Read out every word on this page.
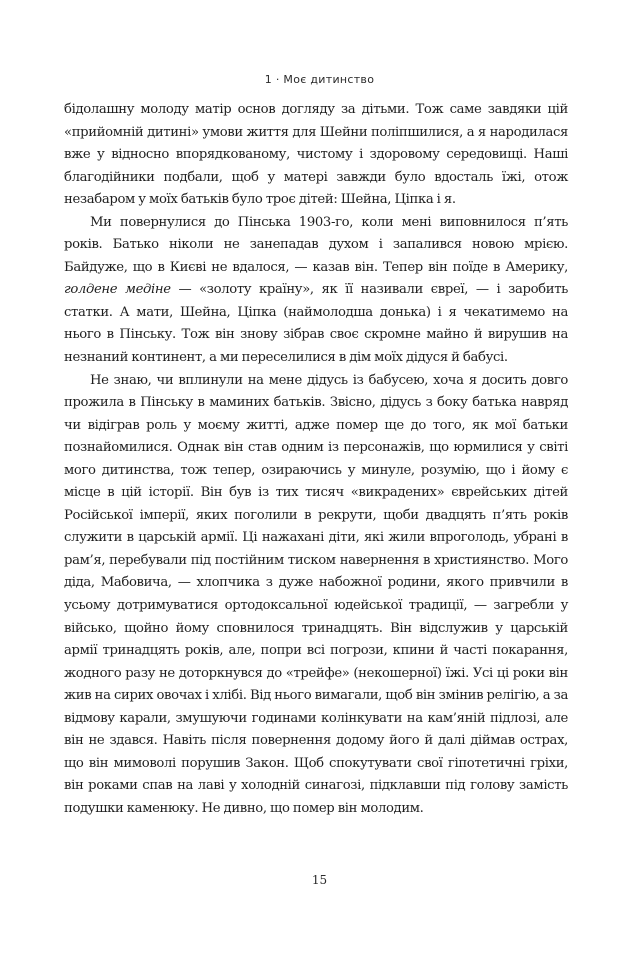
1 · Моє дитинство

бідолашну молоду матір основ догляду за дітьми. Тож саме завдяки цій «прийомній дитині» умови життя для Шейни поліпшилися, а я народилася вже у відносно впорядкованому, чистому і здоровому середовищі. Наші благодійники подбали, щоб у матері завжди було вдосталь їжі, отож незабаром у моїх батьків було троє дітей: Шейна, Ціпка і я.

Ми повернулися до Пінська 1903-го, коли мені виповнилося п’ять років. Батько ніколи не занепадав духом і запалився новою мрією. Байдуже, що в Києві не вдалося, — казав він. Тепер він поїде в Америку, голдене медіне — «золоту країну», як її називали євреї, — і заробить статки. А мати, Шейна, Ціпка (наймолодша донька) і я чекатимемо на нього в Пінську. Тож він знову зібрав своє скромне майно й вирушив на незнаний континент, а ми переселилися в дім моїх дідуся й бабусі.

Не знаю, чи вплинули на мене дідусь із бабусею, хоча я досить довго прожила в Пінську в маминих батьків. Звісно, дідусь з боку батька навряд чи відіграв роль у моєму житті, адже помер ще до того, як мої батьки познайомилися. Однак він став одним із персонажів, що юрмилися у світі мого дитинства, тож тепер, озираючись у минуле, розумію, що і йому є місце в цій історії. Він був із тих тисяч «викрадених» єврейських дітей Російської імперії, яких поголили в рекрути, щоби двадцять п’ять років служити в царській армії. Ці нажахані діти, які жили впроголодь, убрані в рам’я, перебували під постійним тиском навернення в християнство. Мого діда, Мабовича, — хлопчика з дуже набожної родини, якого привчили в усьому дотримуватися ортодоксальної юдейської традиції, — загребли у військо, щойно йому сповнилося тринадцять. Він відслужив у царській армії тринадцять років, але, попри всі погрози, кпини й часті покарання, жодного разу не доторкнувся до «трейфе» (некошерної) їжі. Усі ці роки він жив на сирих овочах і хлібі. Від нього вимагали, щоб він змінив релігію, а за відмову карали, змушуючи годинами колінкувати на кам’яній підлозі, але він не здався. Навіть після повернення додому його й далі діймав острах, що він мимоволі порушив Закон. Щоб спокутувати свої гіпотетичні гріхи, він роками спав на лаві у холодній синагозі, підклавши під голову замість подушки каменюку. Не дивно, що помер він молодим.

15
